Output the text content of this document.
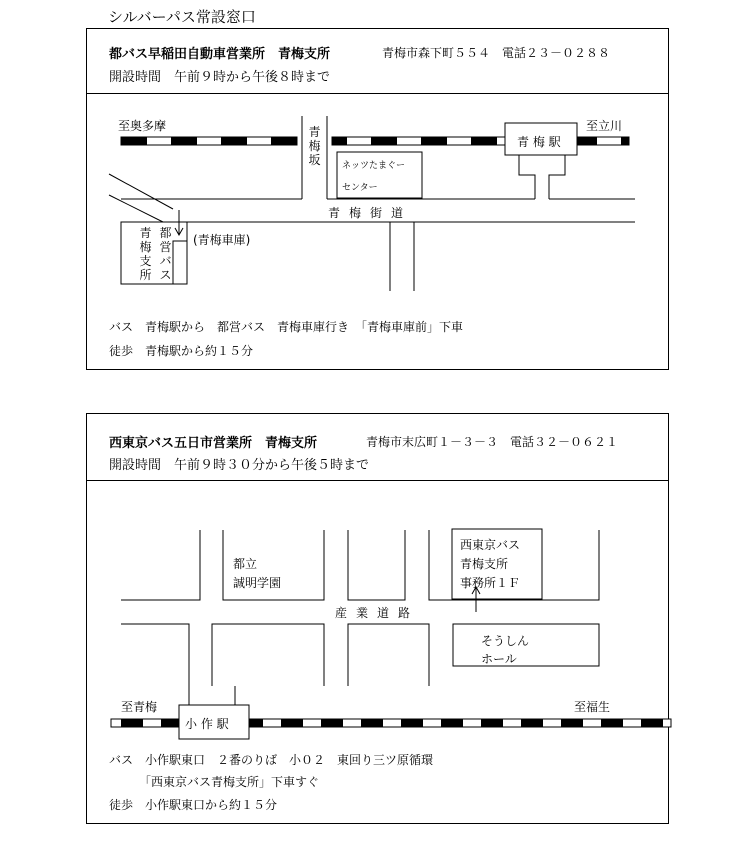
シルバーパス常設窓口
都バス早稲田自動車営業所　青梅支所	青梅市森下町５５４　電話２３－０２８８
開設時間　午前９時から午後８時まで
至奥多摩	至立川
青 梅 駅
青梅坂 ネッツたまぐー
センター
青梅街道
青梅支所
都営バス
(青梅車庫)
バス　青梅駅から　都営バス　青梅車庫行き　「青梅車庫前」下車
徒歩　青梅駅から約１５分
西東京バス五日市営業所　青梅支所	青梅市末広町１－３－３　電話３２－０６２１
開設時間　午前９時３０分から午後５時まで
都立
誠明学園
西東京バス
青梅支所
事務所１Ｆ
産業道路
そうしん
ホール
至青梅	至福生
小 作 駅
バス　小作駅東口　２番のりば　小０２　東回り三ツ原循環
「西東京バス青梅支所」下車すぐ
徒歩　小作駅東口から約１５分
